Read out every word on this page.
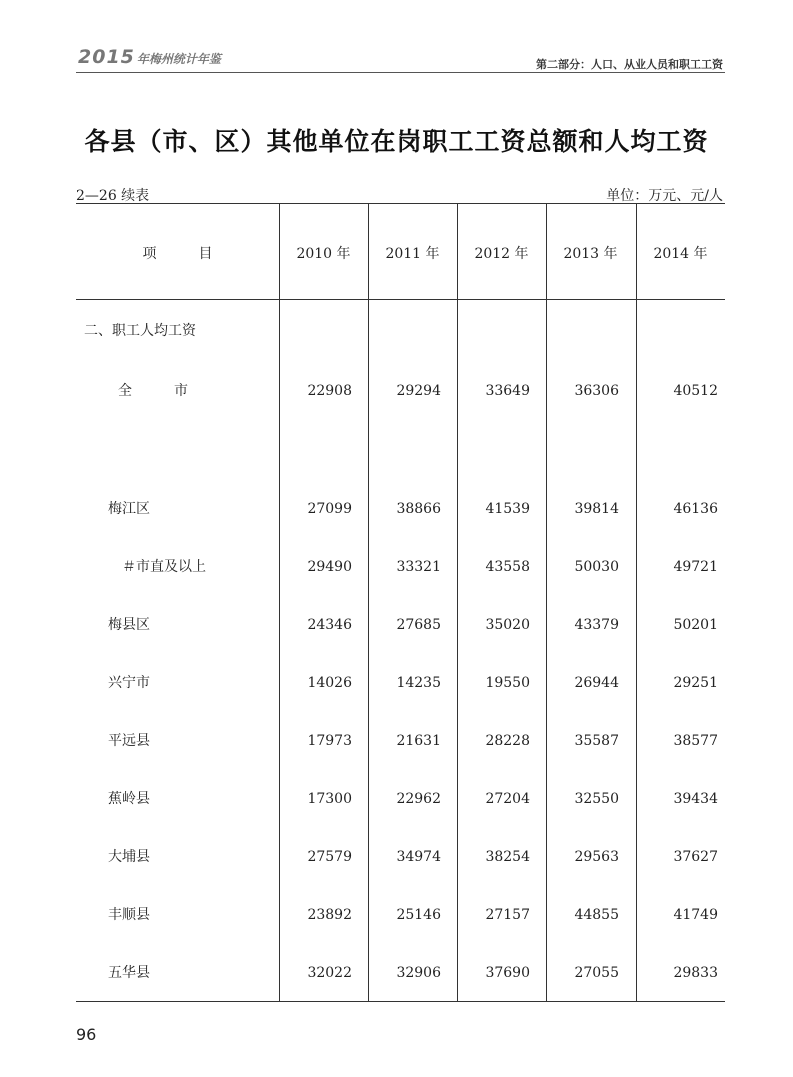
2015 年梅州统计年鉴	第二部分：人口、从业人员和职工工资
各县（市、区）其他单位在岗职工工资总额和人均工资
2—26 续表	单位：万元、元/人
项　　　目	2010 年	2011 年	2012 年	2013 年	2014 年
二、职工人均工资
全　　　市	22908	29294	33649	36306	40512
梅江区	27099	38866	41539	39814	46136
＃市直及以上	29490	33321	43558	50030	49721
梅县区	24346	27685	35020	43379	50201
兴宁市	14026	14235	19550	26944	29251
平远县	17973	21631	28228	35587	38577
蕉岭县	17300	22962	27204	32550	39434
大埔县	27579	34974	38254	29563	37627
丰顺县	23892	25146	27157	44855	41749
五华县	32022	32906	37690	27055	29833
96
